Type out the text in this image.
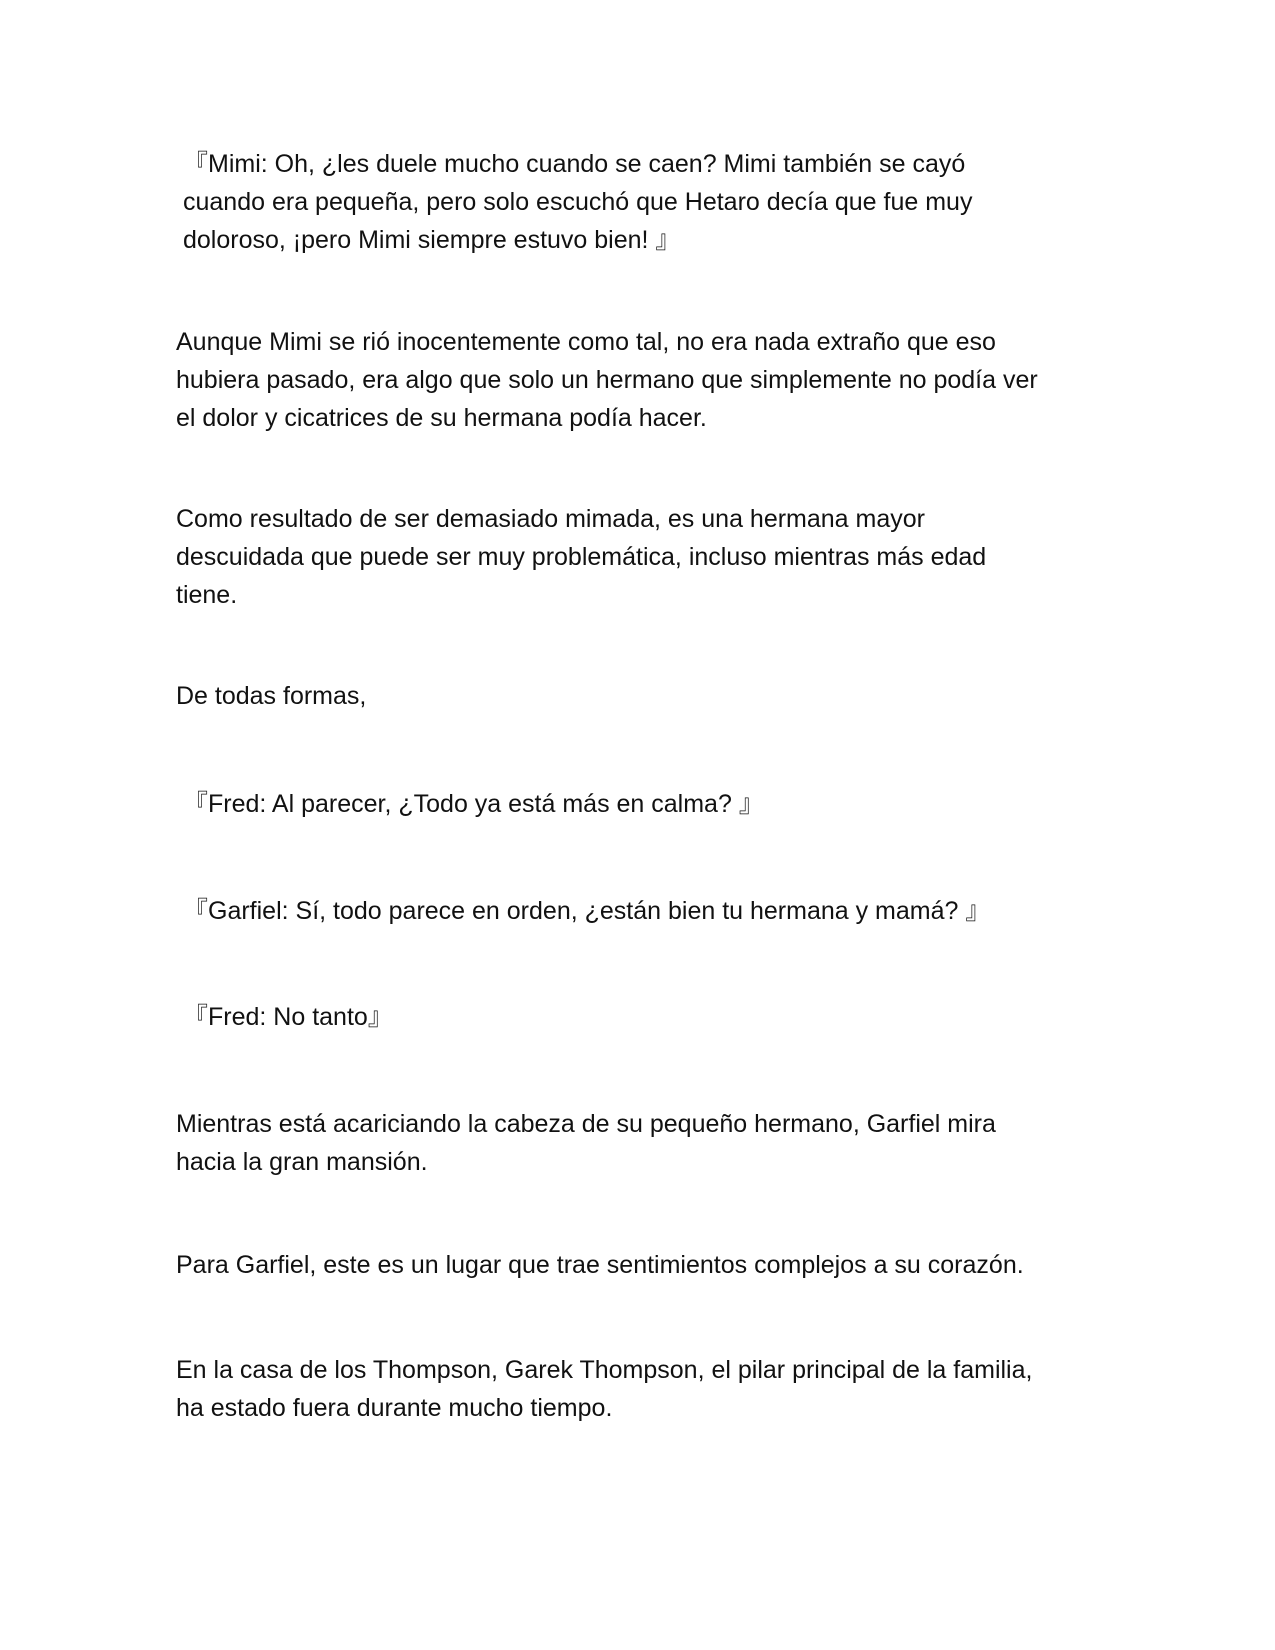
『Mimi: Oh, ¿les duele mucho cuando se caen? Mimi también se cayó
cuando era pequeña, pero solo escuchó que Hetaro decía que fue muy
doloroso, ¡pero Mimi siempre estuvo bien! 』

Aunque Mimi se rió inocentemente como tal, no era nada extraño que eso
hubiera pasado, era algo que solo un hermano que simplemente no podía ver
el dolor y cicatrices de su hermana podía hacer.

Como resultado de ser demasiado mimada, es una hermana mayor
descuidada que puede ser muy problemática, incluso mientras más edad
tiene.

De todas formas,

『Fred: Al parecer, ¿Todo ya está más en calma? 』

『Garfiel: Sí, todo parece en orden, ¿están bien tu hermana y mamá? 』

『Fred: No tanto』

Mientras está acariciando la cabeza de su pequeño hermano, Garfiel mira
hacia la gran mansión.

Para Garfiel, este es un lugar que trae sentimientos complejos a su corazón.

En la casa de los Thompson, Garek Thompson, el pilar principal de la familia,
ha estado fuera durante mucho tiempo.
